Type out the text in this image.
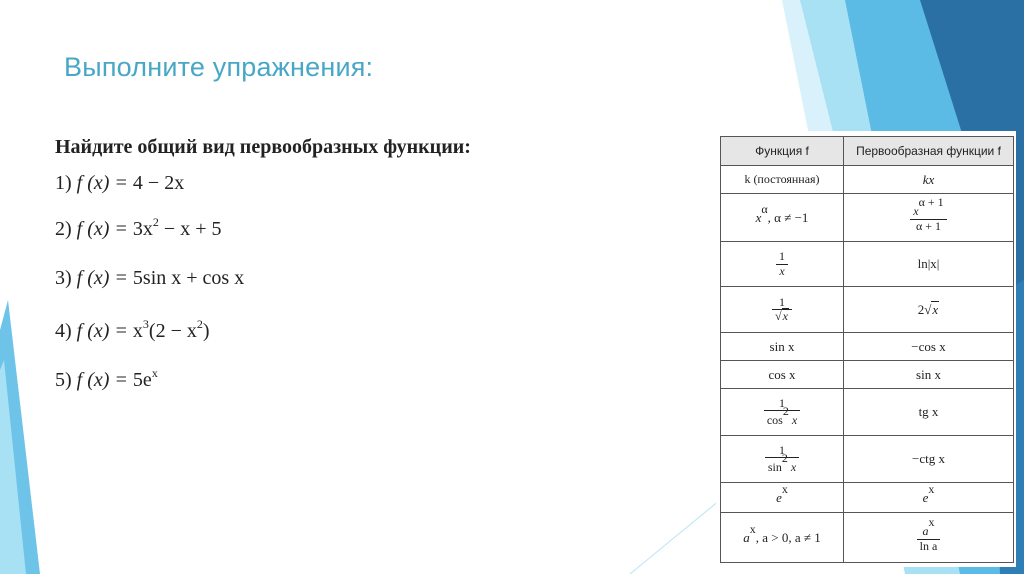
Выполните упражнения:
Найдите общий вид первообразных функции:
1) f (x) = 4 − 2x
2) f $(x) = 3x^2 - x + 5$
3) f (x) = 5sin x + cos x
4) f $(x) = x^3(2 - x^2)$
5) f $(x) = 5e^x$
Функция f	Первообразная функции f
k (постоянная)	kx
$x^\alpha$, α ≠ −1	$\frac{x^{\alpha + 1}}{\alpha + 1}$

$\frac{1}{x}$	ln|x|

$\frac{1}{√x}$	2√x
sin x	−cos x
cos x	sin x

$\frac{1}{\cos^2 x}$	tg x

$\frac{1}{\sin^2 x}$	−ctg x
$e^x$	$e^x$
$a^x$, a > 0, a ≠ 1	$\frac{a^x}{\text{ln a}}$
